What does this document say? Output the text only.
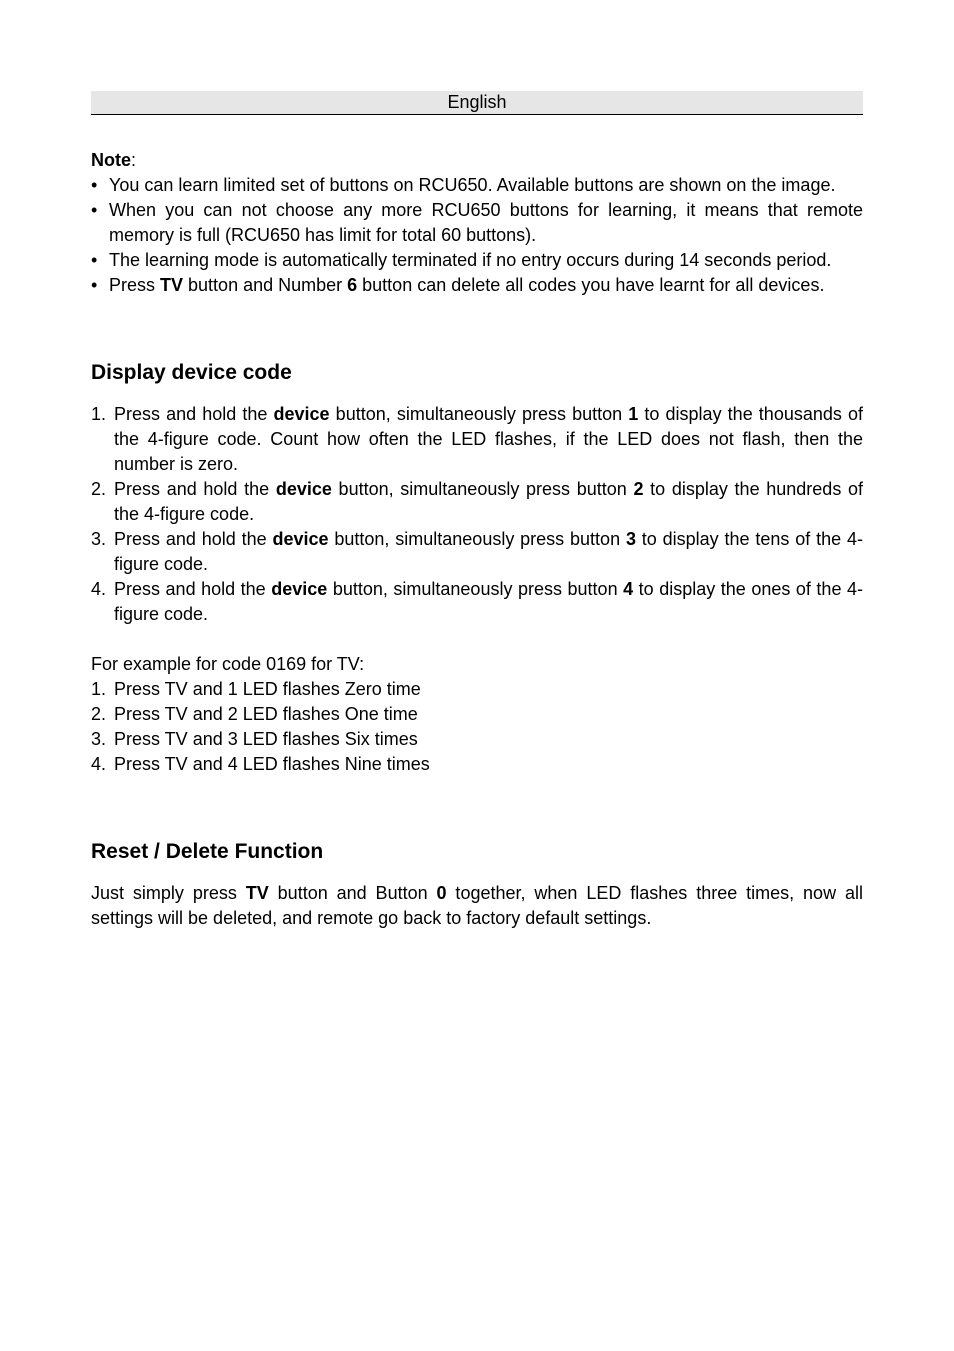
English
Note:
• You can learn limited set of buttons on RCU650. Available buttons are shown on the image.
• When you can not choose any more RCU650 buttons for learning, it means that remote memory is full (RCU650 has limit for total 60 buttons).
• The learning mode is automatically terminated if no entry occurs during 14 seconds period.
• Press TV button and Number 6 button can delete all codes you have learnt for all devices.
Display device code
1. Press and hold the device button, simultaneously press button 1 to display the thousands of the 4-figure code. Count how often the LED flashes, if the LED does not flash, then the number is zero.
2. Press and hold the device button, simultaneously press button 2 to display the hundreds of the 4-figure code.
3. Press and hold the device button, simultaneously press button 3 to display the tens of the 4-figure code.
4. Press and hold the device button, simultaneously press button 4 to display the ones of the 4-figure code.
For example for code 0169 for TV:
1. Press TV and 1 LED flashes Zero time
2. Press TV and 2 LED flashes One time
3. Press TV and 3 LED flashes Six times
4. Press TV and 4 LED flashes Nine times
Reset / Delete Function

Just simply press TV button and Button 0 together, when LED flashes three times, now all settings will be deleted, and remote go back to factory default settings.
